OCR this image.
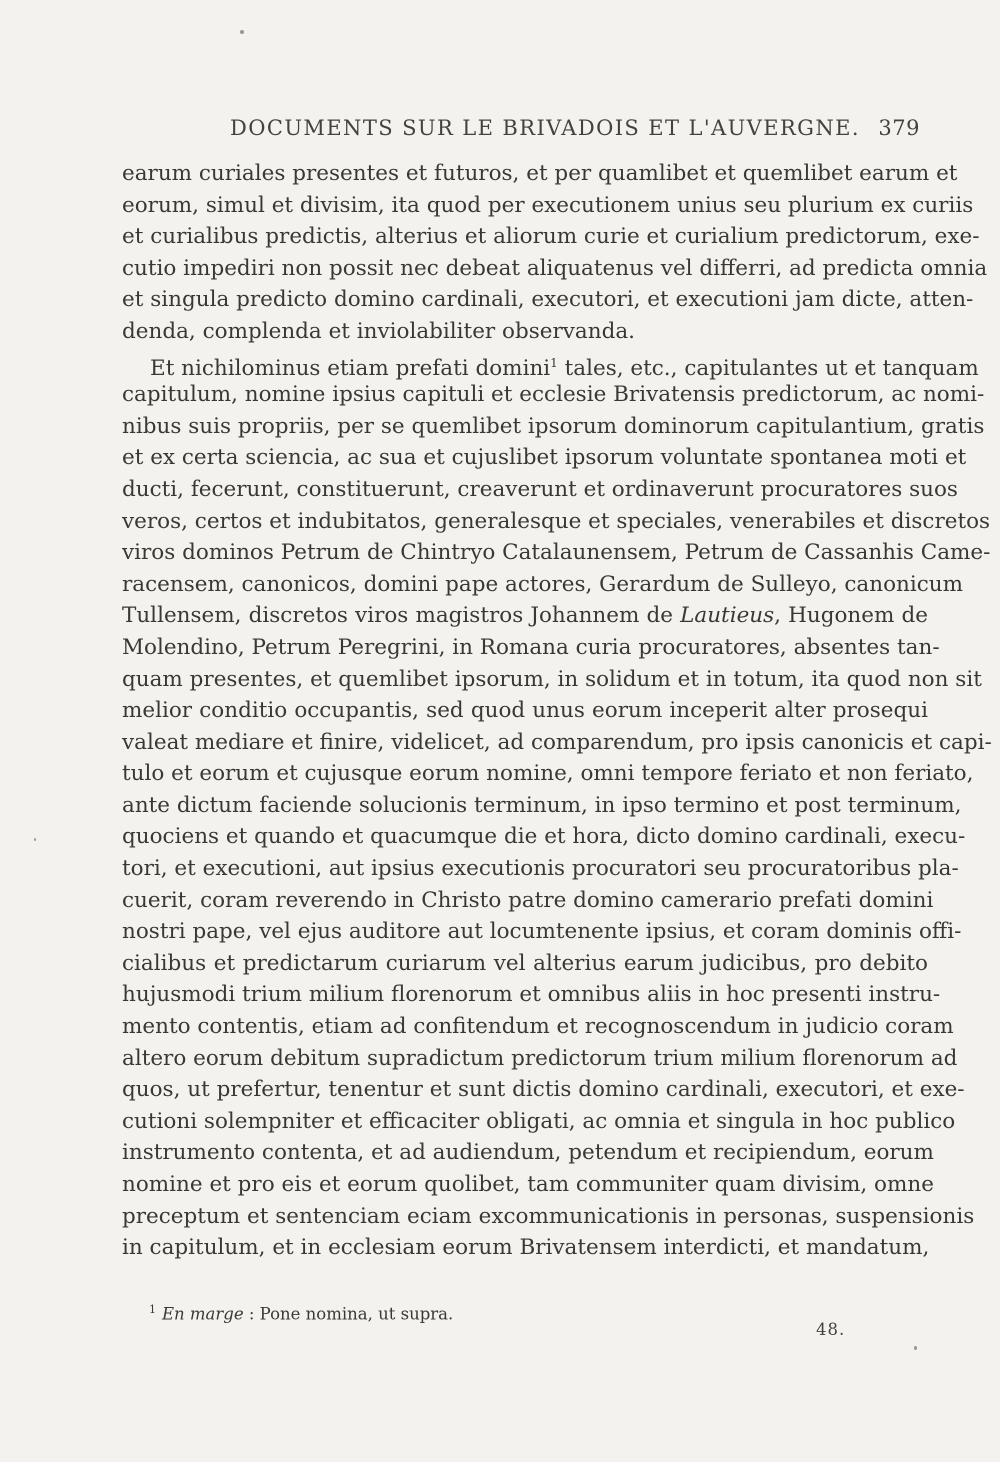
DOCUMENTS SUR LE BRIVADOIS ET L'AUVERGNE. 379
earum curiales presentes et futuros, et per quamlibet et quemlibet earum et
eorum, simul et divisim, ita quod per executionem unius seu plurium ex curiis
et curialibus predictis, alterius et aliorum curie et curialium predictorum, exe-
cutio impediri non possit nec debeat aliquatenus vel differri, ad predicta omnia
et singula predicto domino cardinali, executori, et executioni jam dicte, atten-
denda, complenda et inviolabiliter observanda.
Et nichilominus etiam prefati domini$^1$ tales, etc., capitulantes ut et tanquam
capitulum, nomine ipsius capituli et ecclesie Brivatensis predictorum, ac nomi-
nibus suis propriis, per se quemlibet ipsorum dominorum capitulantium, gratis
et ex certa sciencia, ac sua et cujuslibet ipsorum voluntate spontanea moti et
ducti, fecerunt, constituerunt, creaverunt et ordinaverunt procuratores suos
veros, certos et indubitatos, generalesque et speciales, venerabiles et discretos
viros dominos Petrum de Chintryo Catalaunensem, Petrum de Cassanhis Came-
racensem, canonicos, domini pape actores, Gerardum de Sulleyo, canonicum
Tullensem, discretos viros magistros Johannem de Lautieus, Hugonem de
Molendino, Petrum Peregrini, in Romana curia procuratores, absentes tan-
quam presentes, et quemlibet ipsorum, in solidum et in totum, ita quod non sit
melior conditio occupantis, sed quod unus eorum inceperit alter prosequi
valeat mediare et finire, videlicet, ad comparendum, pro ipsis canonicis et capi-
tulo et eorum et cujusque eorum nomine, omni tempore feriato et non feriato,
ante dictum faciende solucionis terminum, in ipso termino et post terminum,
quociens et quando et quacumque die et hora, dicto domino cardinali, execu-
tori, et executioni, aut ipsius executionis procuratori seu procuratoribus pla-
cuerit, coram reverendo in Christo patre domino camerario prefati domini
nostri pape, vel ejus auditore aut locumtenente ipsius, et coram dominis offi-
cialibus et predictarum curiarum vel alterius earum judicibus, pro debito
hujusmodi trium milium florenorum et omnibus aliis in hoc presenti instru-
mento contentis, etiam ad confitendum et recognoscendum in judicio coram
altero eorum debitum supradictum predictorum trium milium florenorum ad
quos, ut prefertur, tenentur et sunt dictis domino cardinali, executori, et exe-
cutioni solempniter et efficaciter obligati, ac omnia et singula in hoc publico
instrumento contenta, et ad audiendum, petendum et recipiendum, eorum
nomine et pro eis et eorum quolibet, tam communiter quam divisim, omne
preceptum et sentenciam eciam excommunicationis in personas, suspensionis
in capitulum, et in ecclesiam eorum Brivatensem interdicti, et mandatum,
$^1$ En marge : Pone nomina, ut supra.
48.
